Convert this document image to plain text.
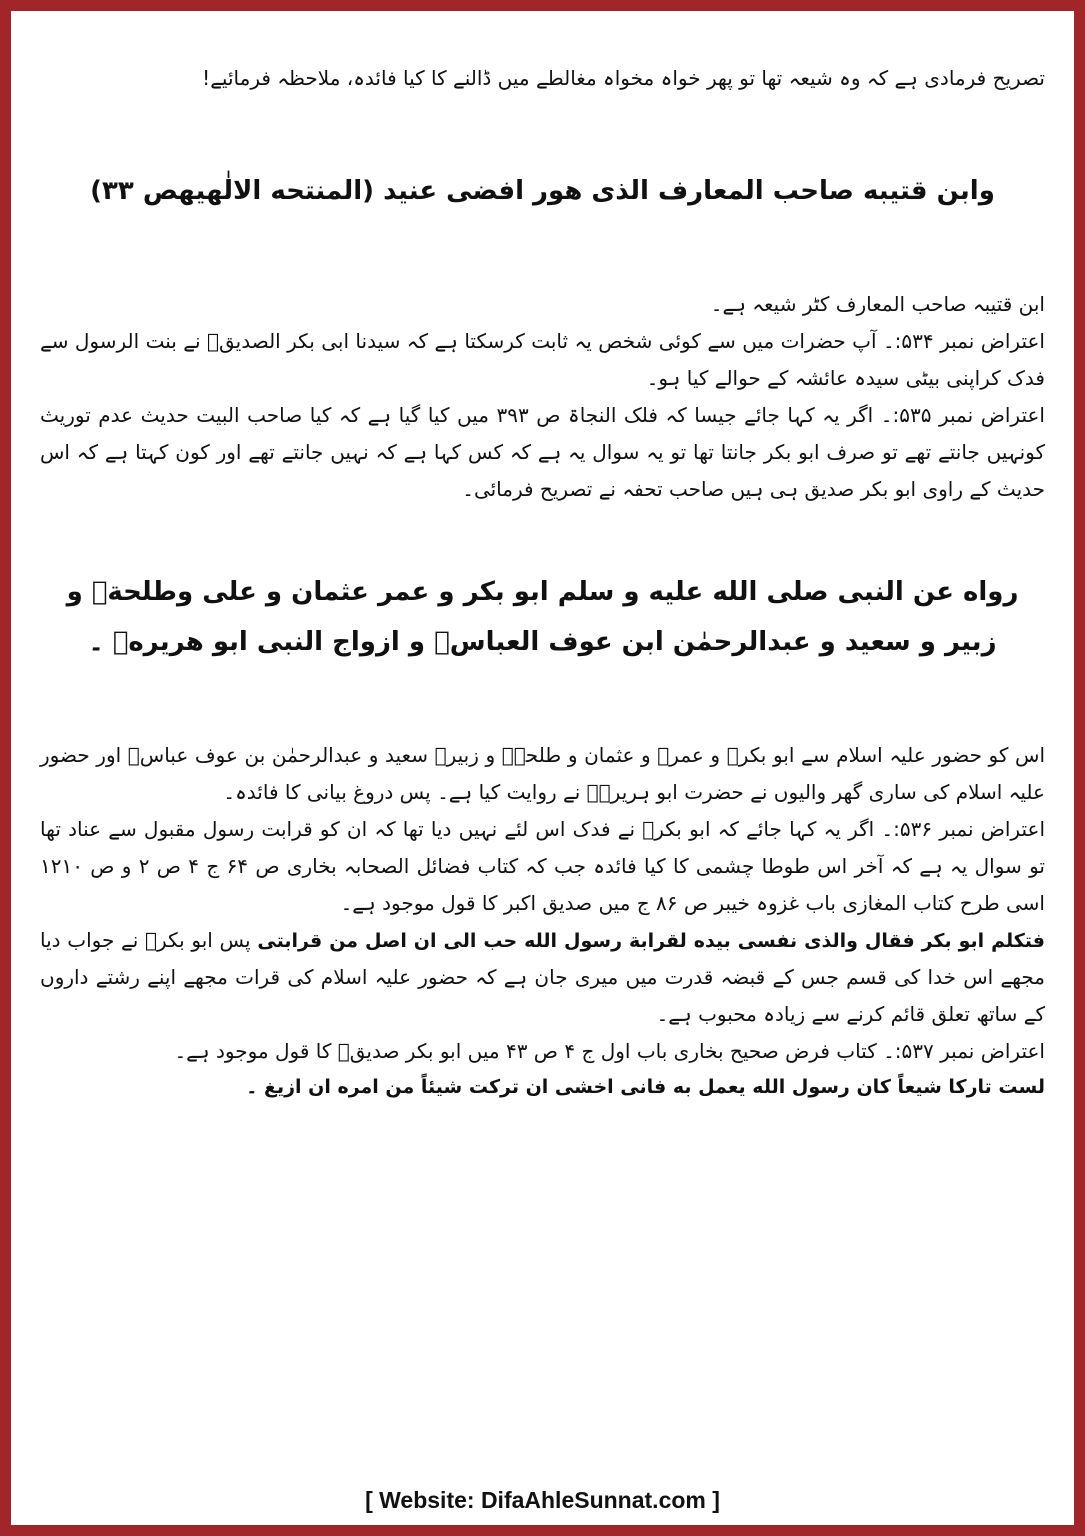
تصریح فرمادی ہے کہ وہ شیعہ تھا تو پھر خواہ مخواہ مغالطے میں ڈالنے کا کیا فائدہ، ملاحظہ فرمائیے!

وابن قتیبه صاحب المعارف الذی هور افضی عنید (المنتحه الالٰهیهص ۳۳)

ابن قتیبہ صاحب المعارف کٹر شیعہ ہے۔

اعتراض نمبر ۵۳۴:۔ آپ حضرات میں سے کوئی شخص یہ ثابت کرسکتا ہے کہ سیدنا ابی بکر الصدیقؓ نے بنت الرسول سے فدک کراپنی بیٹی سیدہ عائشہ کے حوالے کیا ہو۔

اعتراض نمبر ۵۳۵:۔ اگر یہ کہا جائے جیسا کہ فلک النجاۃ ص ۳۹۳ میں کیا گیا ہے کہ کیا صاحب البیت حدیث عدم توریث کونہیں جانتے تھے تو صرف ابو بکر جانتا تھا تو یہ سوال یہ ہے کہ کس کہا ہے کہ نہیں جانتے تھے اور کون کہتا ہے کہ اس حدیث کے راوی ابو بکر صدیق ہی ہیں صاحب تحفہ نے تصریح فرمائی۔

رواه عن النبی صلی الله علیه و سلم ابو بکر و عمر عثمان و علی وطلحةؓ و زبیر و سعید و عبدالرحمٰن ابن عوف العباسؓ و ازواج النبی ابو هریرهؓ ۔

اس کو حضور علیہ اسلام سے ابو بکرؓ و عمرؓ و عثمان و طلحہؓ و زبیرؓ سعید و عبدالرحمٰن بن عوف عباسؓ اور حضور علیہ اسلام کی ساری گھر والیوں نے حضرت ابو ہریرہؓ نے روایت کیا ہے۔ پس دروغ بیانی کا فائدہ۔

اعتراض نمبر ۵۳۶:۔ اگر یہ کہا جائے کہ ابو بکرؓ نے فدک اس لئے نہیں دیا تھا کہ ان کو قرابت رسول مقبول سے عناد تھا تو سوال یہ ہے کہ آخر اس طوطا چشمی کا کیا فائدہ جب کہ کتاب فضائل الصحابہ بخاری ص ۶۴ ج ۴ ص ۲ و ص ۱۲۱۰ اسی طرح کتاب المغازی باب غزوہ خیبر ص ۸۶ ج میں صدیق اکبر کا قول موجود ہے۔

فتکلم ابو بکر فقال والذی نفسی بیده لقرابة رسول الله حب الی ان اصل من قرابتی پس ابو بکرؓ نے جواب دیا مجھے اس خدا کی قسم جس کے قبضہ قدرت میں میری جان ہے کہ حضور علیہ اسلام کی قرات مجھے اپنے رشتے داروں کے ساتھ تعلق قائم کرنے سے زیادہ محبوب ہے۔

اعتراض نمبر ۵۳۷:۔ کتاب فرض صحیح بخاری باب اول ج ۴ ص ۴۳ میں ابو بکر صدیقؓ کا قول موجود ہے۔

لست تارکا شیعاً کان رسول الله یعمل به فانی اخشی ان ترکت شیئاً من امره ان ازیغ ۔

[ Website: DifaAhleSunnat.com ]
